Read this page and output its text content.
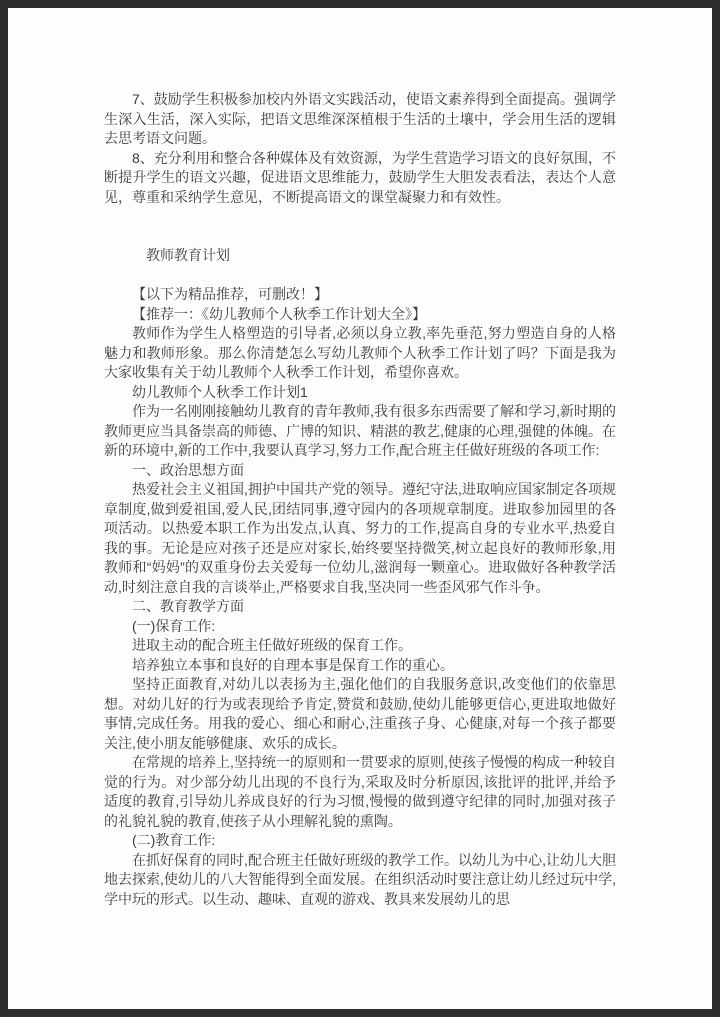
7、鼓励学生积极参加校内外语文实践活动，使语文素养得到全面提高。强调学生深入生活，深入实际，把语文思维深深植根于生活的土壤中，学会用生活的逻辑去思考语文问题。

8、充分利用和整合各种媒体及有效资源，为学生营造学习语文的良好氛围，不断提升学生的语文兴趣，促进语文思维能力，鼓励学生大胆发表看法，表达个人意见，尊重和采纳学生意见，不断提高语文的课堂凝聚力和有效性。

教师教育计划

【以下为精品推荐，可删改！】

【推荐一：《幼儿教师个人秋季工作计划大全》】

教师作为学生人格塑造的引导者,必须以身立教,率先垂范,努力塑造自身的人格魅力和教师形象。那么你清楚怎么写幼儿教师个人秋季工作计划了吗？下面是我为大家收集有关于幼儿教师个人秋季工作计划，希望你喜欢。

幼儿教师个人秋季工作计划1

作为一名刚刚接触幼儿教育的青年教师,我有很多东西需要了解和学习,新时期的教师更应当具备崇高的师德、广博的知识、精湛的教艺,健康的心理,强健的体魄。在新的环境中,新的工作中,我要认真学习,努力工作,配合班主任做好班级的各项工作:

一、政治思想方面

热爱社会主义祖国,拥护中国共产党的领导。遵纪守法,进取响应国家制定各项规章制度,做到爱祖国,爱人民,团结同事,遵守园内的各项规章制度。进取参加园里的各项活动。以热爱本职工作为出发点,认真、努力的工作,提高自身的专业水平,热爱自我的事。无论是应对孩子还是应对家长,始终要坚持微笑,树立起良好的教师形象,用教师和“妈妈”的双重身份去关爱每一位幼儿,滋润每一颗童心。进取做好各种教学活动,时刻注意自我的言谈举止,严格要求自我,坚决同一些歪风邪气作斗争。

二、教育教学方面

(一)保育工作:

进取主动的配合班主任做好班级的保育工作。

培养独立本事和良好的自理本事是保育工作的重心。

坚持正面教育,对幼儿以表扬为主,强化他们的自我服务意识,改变他们的依靠思想。对幼儿好的行为或表现给予肯定,赞赏和鼓励,使幼儿能够更信心,更进取地做好事情,完成任务。用我的爱心、细心和耐心,注重孩子身、心健康,对每一个孩子都要关注,使小朋友能够健康、欢乐的成长。

在常规的培养上,坚持统一的原则和一贯要求的原则,使孩子慢慢的构成一种较自觉的行为。对少部分幼儿出现的不良行为,采取及时分析原因,该批评的批评,并给予适度的教育,引导幼儿养成良好的行为习惯,慢慢的做到遵守纪律的同时,加强对孩子的礼貌礼貌的教育,使孩子从小理解礼貌的熏陶。

(二)教育工作:

在抓好保育的同时,配合班主任做好班级的教学工作。以幼儿为中心,让幼儿大胆地去探索,使幼儿的八大智能得到全面发展。在组织活动时要注意让幼儿经过玩中学,学中玩的形式。以生动、趣味、直观的游戏、教具来发展幼儿的思
